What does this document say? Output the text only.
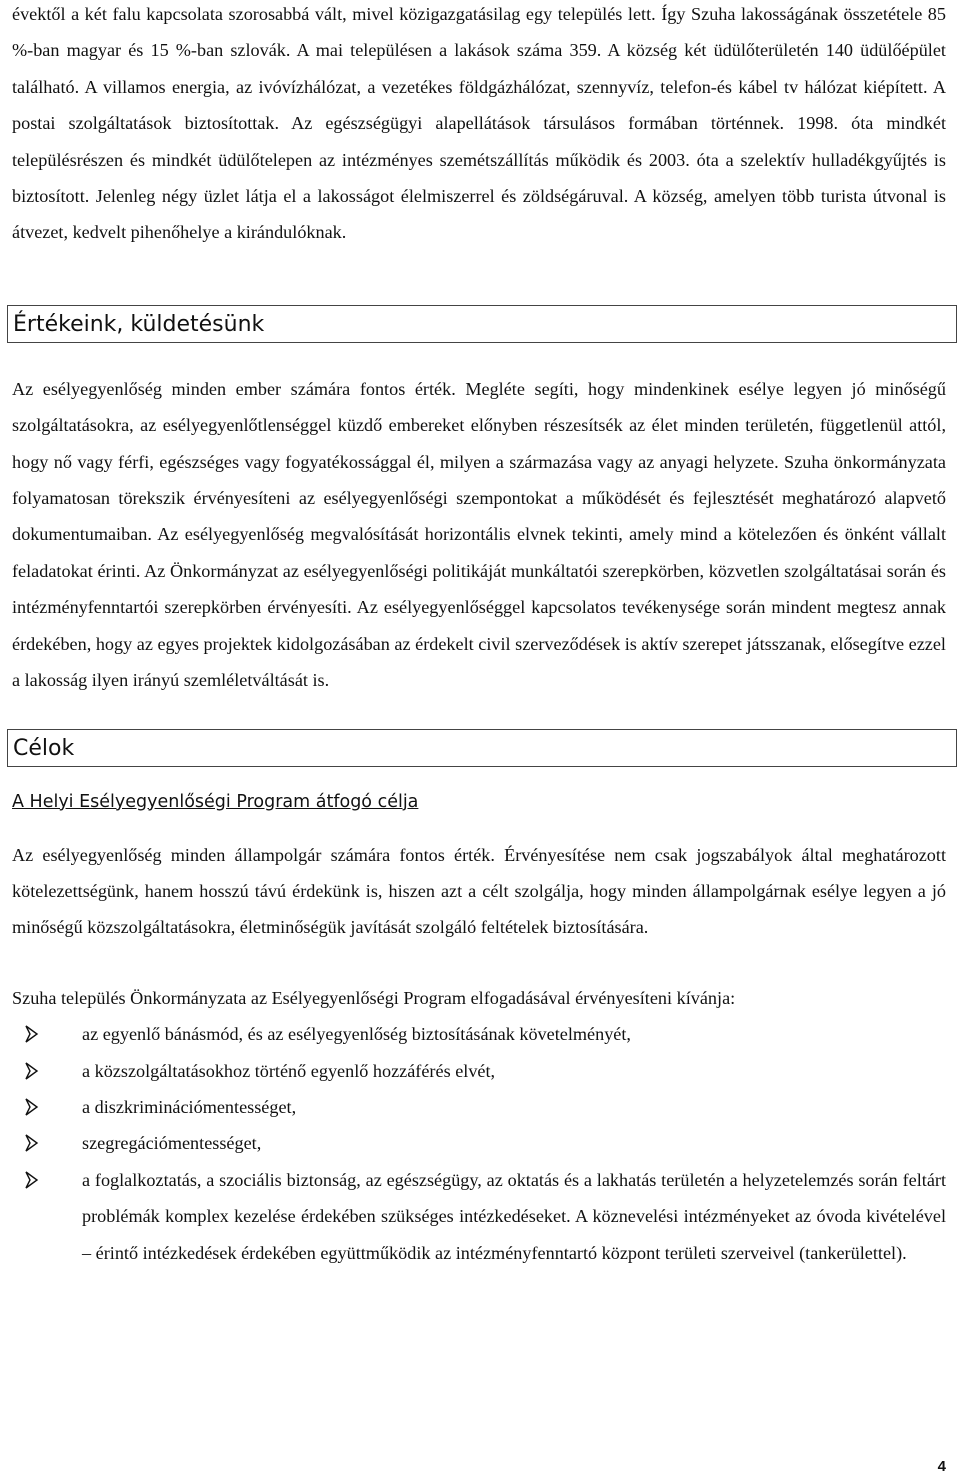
évektől a két falu kapcsolata szorosabbá vált, mivel közigazgatásilag egy település lett. Így Szuha lakosságának összetétele 85 %-ban magyar és 15 %-ban szlovák. A mai településen a lakások száma 359. A község két üdülőterületén 140 üdülőépület található. A villamos energia, az ivóvízhálózat, a vezetékes földgázhálózat, szennyvíz, telefon-és kábel tv hálózat kiépített. A postai szolgáltatások biztosítottak. Az egészségügyi alapellátások társulásos formában történnek. 1998. óta mindkét településrészen és mindkét üdülőtelepen az intézményes szemétszállítás működik és 2003. óta a szelektív hulladékgyűjtés is biztosított. Jelenleg négy üzlet látja el a lakosságot élelmiszerrel és zöldségáruval. A község, amelyen több turista útvonal is átvezet, kedvelt pihenőhelye a kirándulóknak.

Értékeink, küldetésünk

Az esélyegyenlőség minden ember számára fontos érték. Megléte segíti, hogy mindenkinek esélye legyen jó minőségű szolgáltatásokra, az esélyegyenlőtlenséggel küzdő embereket előnyben részesítsék az élet minden területén, függetlenül attól, hogy nő vagy férfi, egészséges vagy fogyatékossággal él, milyen a származása vagy az anyagi helyzete. Szuha önkormányzata folyamatosan törekszik érvényesíteni az esélyegyenlőségi szempontokat a működését és fejlesztését meghatározó alapvető dokumentumaiban. Az esélyegyenlőség megvalósítását horizontális elvnek tekinti, amely mind a kötelezően és önként vállalt feladatokat érinti. Az Önkormányzat az esélyegyenlőségi politikáját munkáltatói szerepkörben, közvetlen szolgáltatásai során és intézményfenntartói szerepkörben érvényesíti. Az esélyegyenlőséggel kapcsolatos tevékenysége során mindent megtesz annak érdekében, hogy az egyes projektek kidolgozásában az érdekelt civil szerveződések is aktív szerepet játsszanak, elősegítve ezzel a lakosság ilyen irányú szemléletváltását is.

Célok

A Helyi Esélyegyenlőségi Program átfogó célja

Az esélyegyenlőség minden állampolgár számára fontos érték. Érvényesítése nem csak jogszabályok által meghatározott kötelezettségünk, hanem hosszú távú érdekünk is, hiszen azt a célt szolgálja, hogy minden állampolgárnak esélye legyen a jó minőségű közszolgáltatásokra, életminőségük javítását szolgáló feltételek biztosítására.

Szuha település Önkormányzata az Esélyegyenlőségi Program elfogadásával érvényesíteni kívánja:

az egyenlő bánásmód, és az esélyegyenlőség biztosításának követelményét,
a közszolgáltatásokhoz történő egyenlő hozzáférés elvét,
a diszkriminációmentességet,
szegregációmentességet,
a foglalkoztatás, a szociális biztonság, az egészségügy, az oktatás és a lakhatás területén a helyzetelemzés során feltárt problémák komplex kezelése érdekében szükséges intézkedéseket. A köznevelési intézményeket az óvoda kivételével – érintő intézkedések érdekében együttműködik az intézményfenntartó központ területi szerveivel (tankerülettel).
4
